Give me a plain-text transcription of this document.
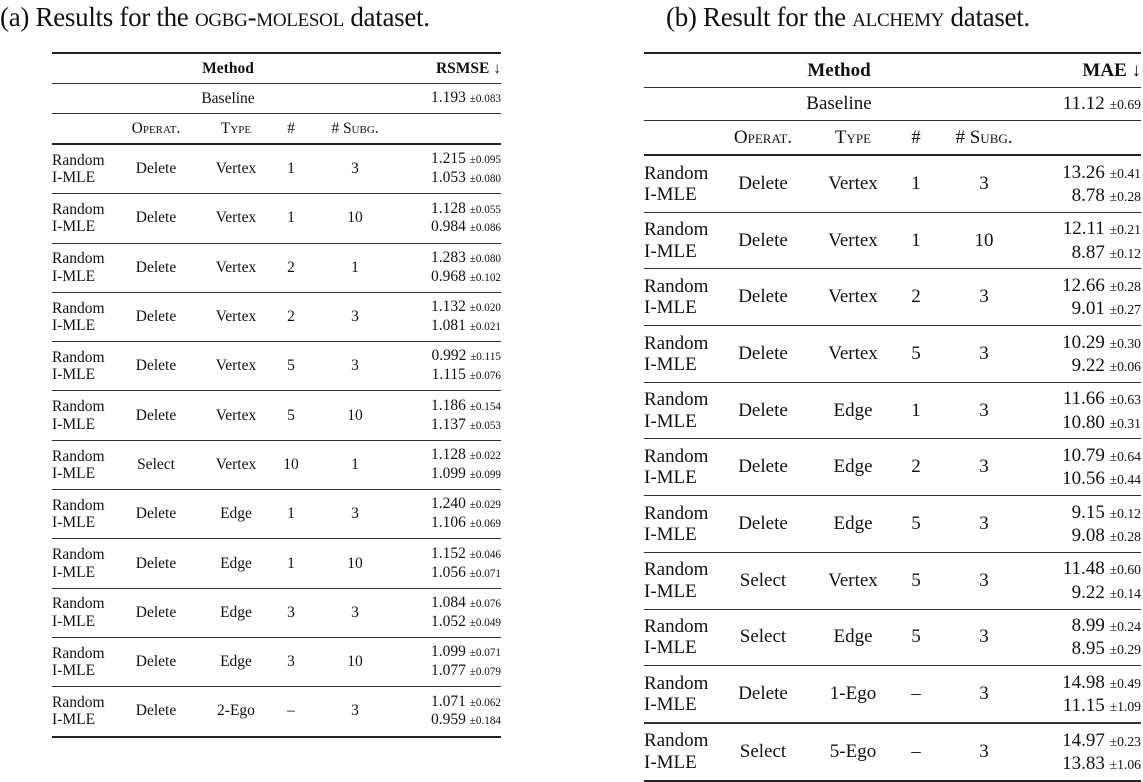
(a) Results for the ogbg-molesol dataset.	(b) Result for the alchemy dataset.
Method					RSMSE ↓
Baseline					1.193 ±0.083
	Operat.	Type	#	# Subg.	
Random
I-MLE	Delete	Vertex	1	3	1.215 ±0.095
1.053 ±0.080
Random
I-MLE	Delete	Vertex	1	10	1.128 ±0.055
0.984 ±0.086
Random
I-MLE	Delete	Vertex	2	1	1.283 ±0.080
0.968 ±0.102
Random
I-MLE	Delete	Vertex	2	3	1.132 ±0.020
1.081 ±0.021
Random
I-MLE	Delete	Vertex	5	3	0.992 ±0.115
1.115 ±0.076
Random
I-MLE	Delete	Vertex	5	10	1.186 ±0.154
1.137 ±0.053
Random
I-MLE	Select	Vertex	10	1	1.128 ±0.022
1.099 ±0.099
Random
I-MLE	Delete	Edge	1	3	1.240 ±0.029
1.106 ±0.069
Random
I-MLE	Delete	Edge	1	10	1.152 ±0.046
1.056 ±0.071
Random
I-MLE	Delete	Edge	3	3	1.084 ±0.076
1.052 ±0.049
Random
I-MLE	Delete	Edge	3	10	1.099 ±0.071
1.077 ±0.079
Random
I-MLE	Delete	2-Ego	–	3	1.071 ±0.062
0.959 ±0.184
Method					MAE ↓
Baseline					11.12 ±0.69
	Operat.	Type	#	# Subg.	
Random
I-MLE	Delete	Vertex	1	3	13.26 ±0.41
8.78 ±0.28
Random
I-MLE	Delete	Vertex	1	10	12.11 ±0.21
8.87 ±0.12
Random
I-MLE	Delete	Vertex	2	3	12.66 ±0.28
9.01 ±0.27
Random
I-MLE	Delete	Vertex	5	3	10.29 ±0.30
9.22 ±0.06
Random
I-MLE	Delete	Edge	1	3	11.66 ±0.63
10.80 ±0.31
Random
I-MLE	Delete	Edge	2	3	10.79 ±0.64
10.56 ±0.44
Random
I-MLE	Delete	Edge	5	3	9.15 ±0.12
9.08 ±0.28
Random
I-MLE	Select	Vertex	5	3	11.48 ±0.60
9.22 ±0.14
Random
I-MLE	Select	Edge	5	3	8.99 ±0.24
8.95 ±0.29
Random
I-MLE	Delete	1-Ego	–	3	14.98 ±0.49
11.15 ±1.09
Random
I-MLE	Select	5-Ego	–	3	14.97 ±0.23
13.83 ±1.06
